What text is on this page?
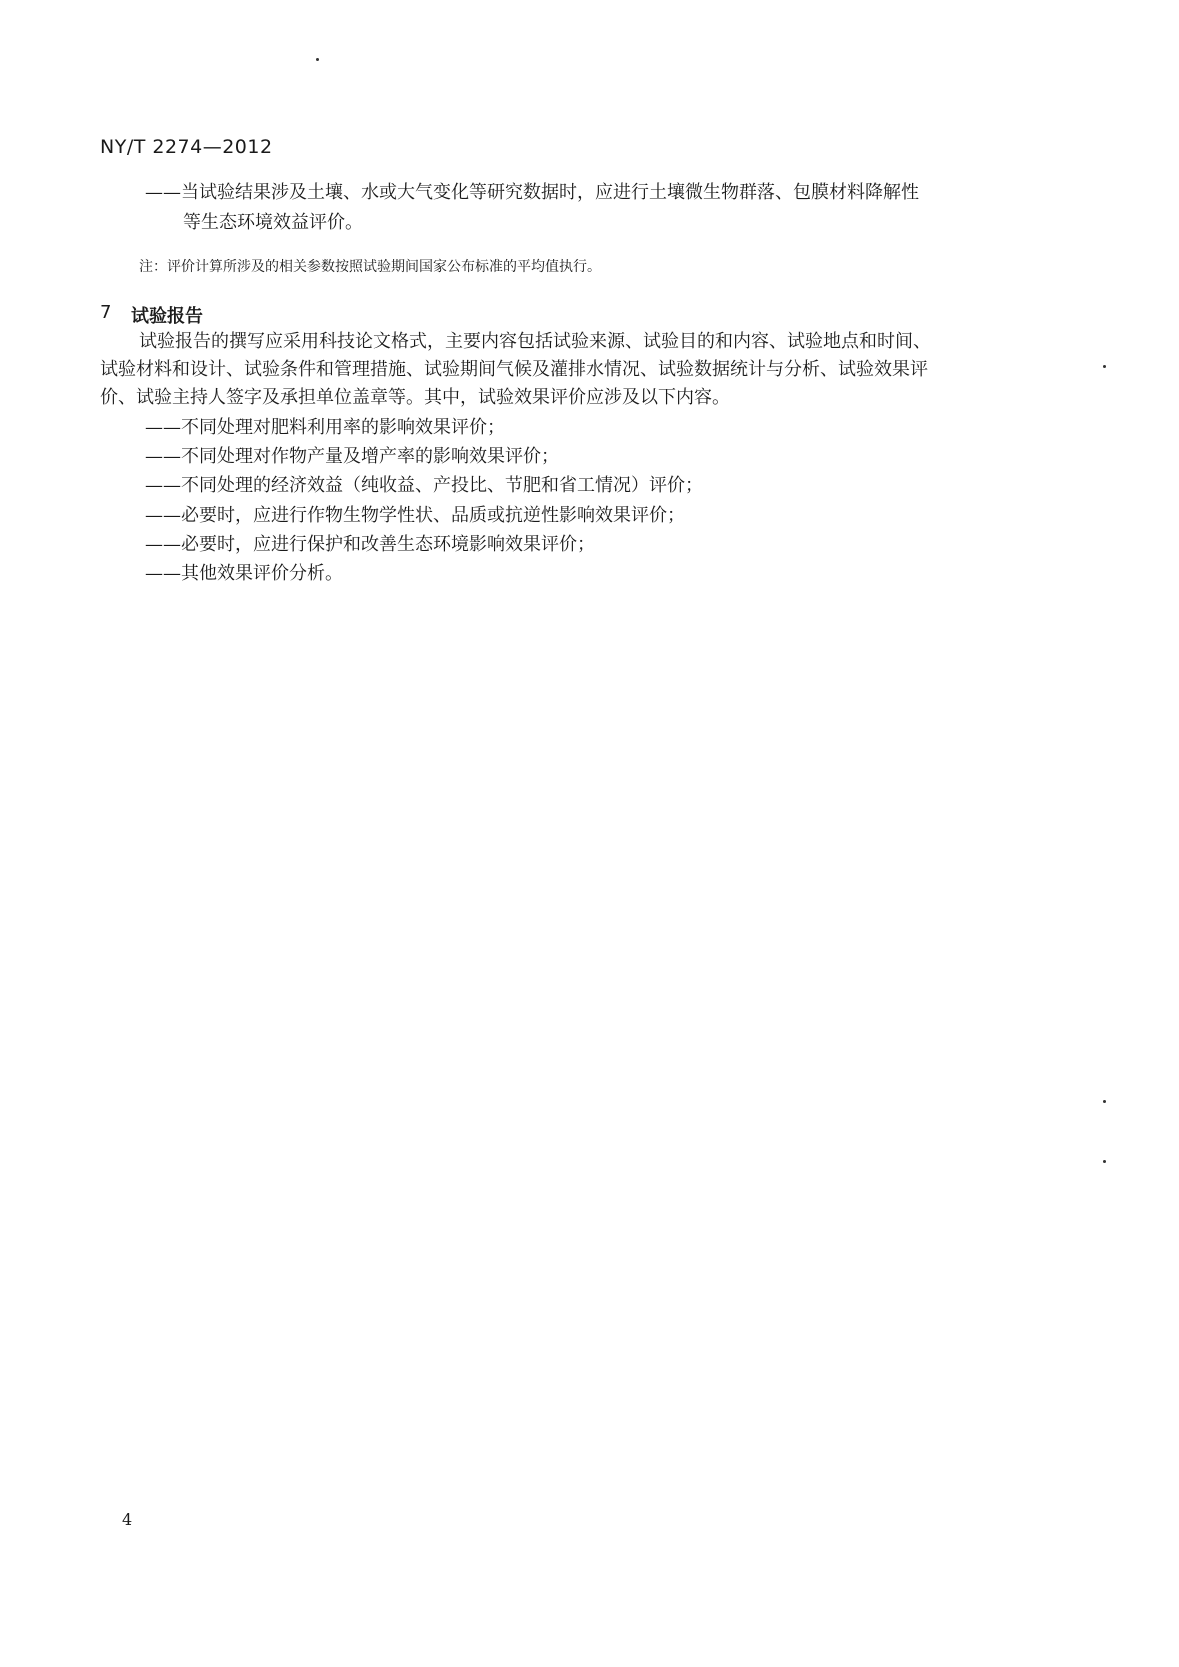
NY/T 2274—2012
——当试验结果涉及土壤、水或大气变化等研究数据时，应进行土壤微生物群落、包膜材料降解性
等生态环境效益评价。
注：评价计算所涉及的相关参数按照试验期间国家公布标准的平均值执行。
7 试验报告
试验报告的撰写应采用科技论文格式，主要内容包括试验来源、试验目的和内容、试验地点和时间、
试验材料和设计、试验条件和管理措施、试验期间气候及灌排水情况、试验数据统计与分析、试验效果评
价、试验主持人签字及承担单位盖章等。其中，试验效果评价应涉及以下内容。
——不同处理对肥料利用率的影响效果评价；
——不同处理对作物产量及增产率的影响效果评价；
——不同处理的经济效益（纯收益、产投比、节肥和省工情况）评价；
——必要时，应进行作物生物学性状、品质或抗逆性影响效果评价；
——必要时，应进行保护和改善生态环境影响效果评价；
——其他效果评价分析。
4
